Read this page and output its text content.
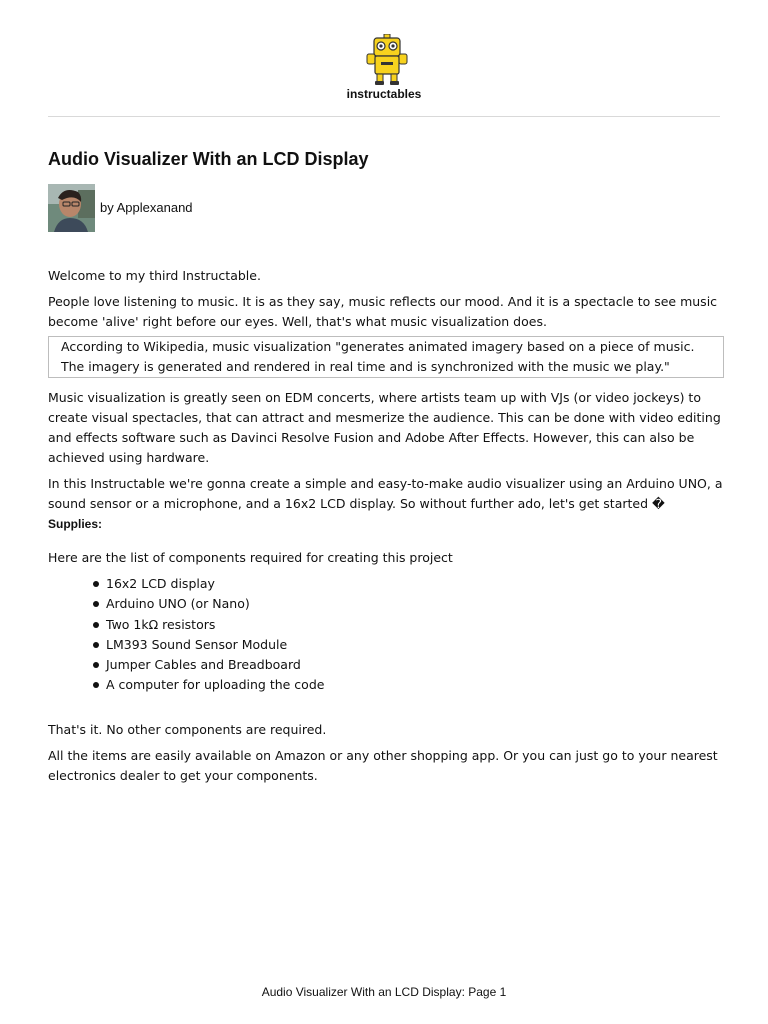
instructables
Audio Visualizer With an LCD Display
by Applexanand

Welcome to my third Instructable.

People love listening to music. It is as they say, music reflects our mood. And it is a spectacle to see music become 'alive' right before our eyes. Well, that's what music visualization does.

According to Wikipedia, music visualization "generates animated imagery based on a piece of music. The imagery is generated and rendered in real time and is synchronized with the music we play."

Music visualization is greatly seen on EDM concerts, where artists team up with VJs (or video jockeys) to create visual spectacles, that can attract and mesmerize the audience. This can be done with video editing and effects software such as Davinci Resolve Fusion and Adobe After Effects. However, this can also be achieved using hardware.

In this Instructable we're gonna create a simple and easy-to-make audio visualizer using an Arduino UNO, a sound sensor or a microphone, and a 16x2 LCD display. So without further ado, let's get started �

Supplies:

Here are the list of components required for creating this project

16x2 LCD display
Arduino UNO (or Nano)
Two 1kΩ resistors
LM393 Sound Sensor Module
Jumper Cables and Breadboard
A computer for uploading the code

That's it. No other components are required.

All the items are easily available on Amazon or any other shopping app. Or you can just go to your nearest electronics dealer to get your components.

Audio Visualizer With an LCD Display: Page 1
